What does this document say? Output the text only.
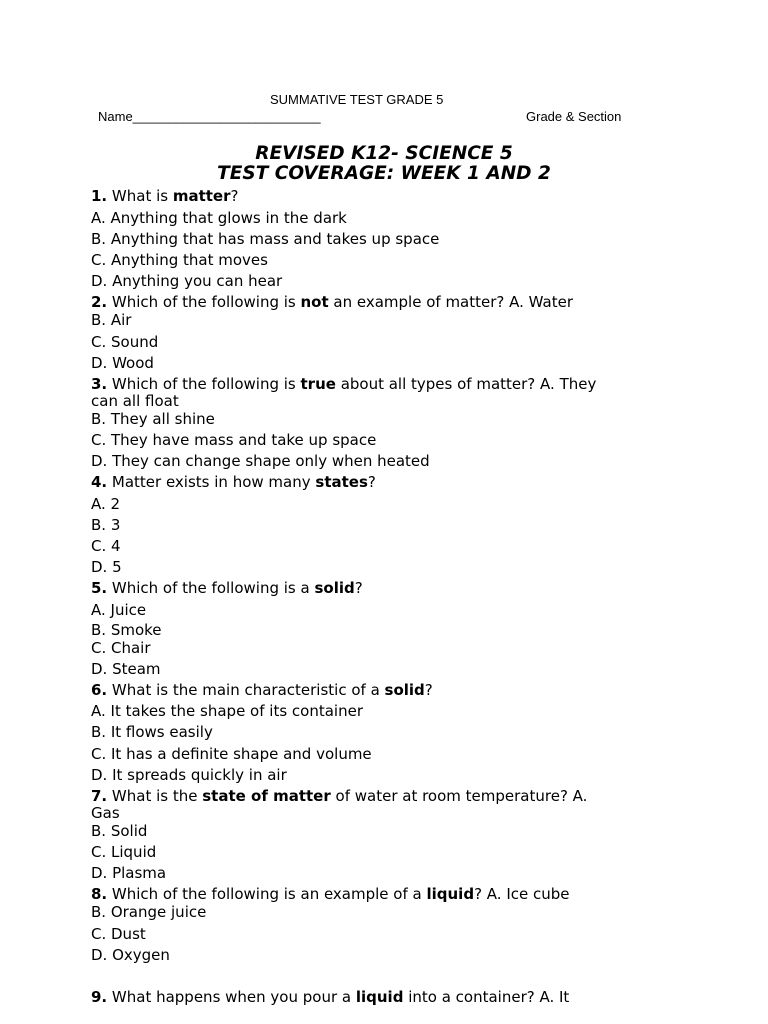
SUMMATIVE TEST GRADE 5
Name__________________________	Grade & Section
REVISED K12- SCIENCE 5
TEST COVERAGE: WEEK 1 AND 2
1. What is matter?
A. Anything that glows in the dark
B. Anything that has mass and takes up space
C. Anything that moves
D. Anything you can hear
2. Which of the following is not an example of matter? A. Water
B. Air
C. Sound
D. Wood
3. Which of the following is true about all types of matter? A. They
can all float
B. They all shine
C. They have mass and take up space
D. They can change shape only when heated
4. Matter exists in how many states?
A. 2
B. 3
C. 4
D. 5
5. Which of the following is a solid?
A. Juice
B. Smoke
C. Chair
D. Steam
6. What is the main characteristic of a solid?
A. It takes the shape of its container
B. It flows easily
C. It has a definite shape and volume
D. It spreads quickly in air
7. What is the state of matter of water at room temperature? A.
Gas
B. Solid
C. Liquid
D. Plasma
8. Which of the following is an example of a liquid? A. Ice cube
B. Orange juice
C. Dust
D. Oxygen
9. What happens when you pour a liquid into a container? A. It
